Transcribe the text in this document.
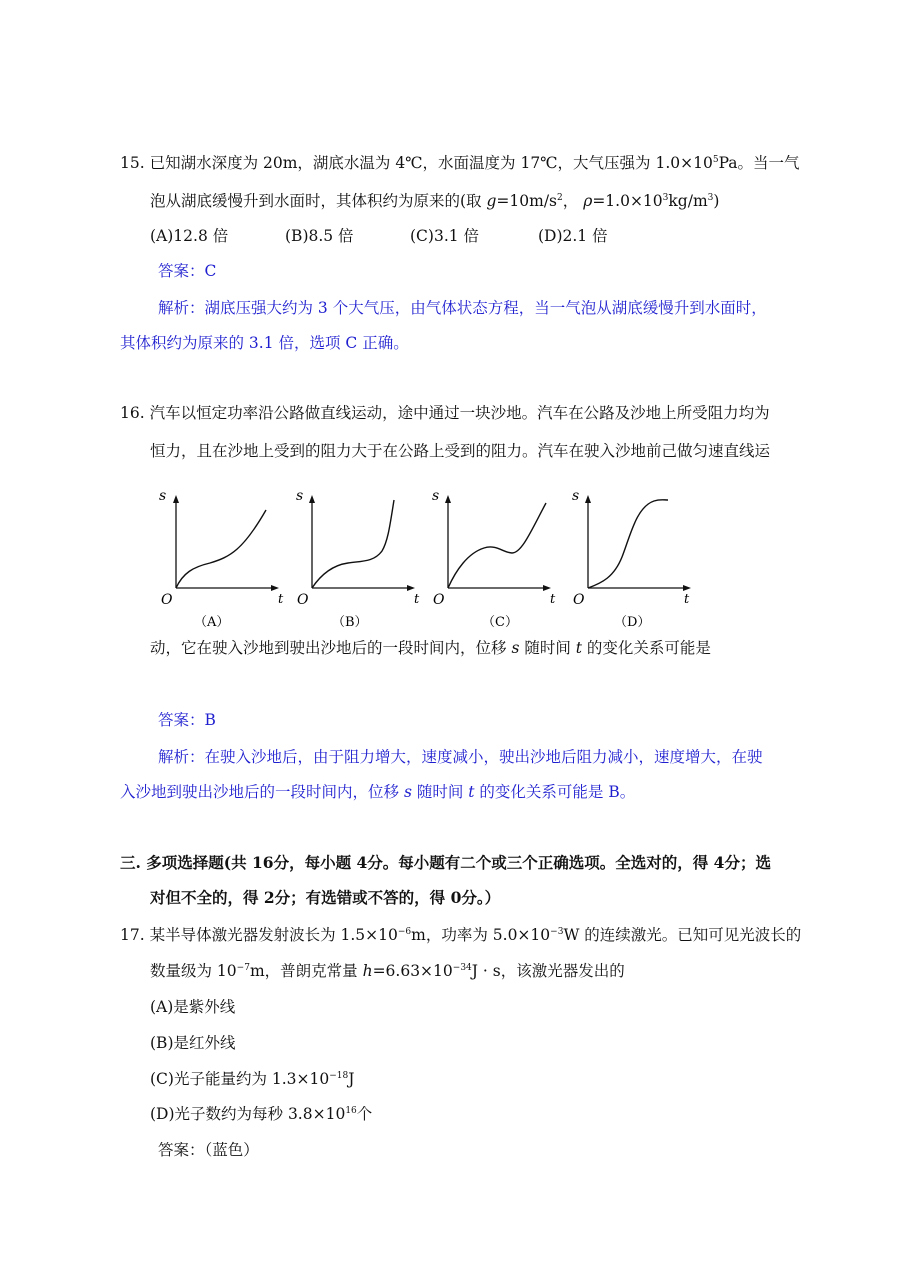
15. 已知湖水深度为 20m，湖底水温为 4℃，水面温度为 17℃，大气压强为 $1.0\times 10^5Pa$。当一气
泡从湖底缓慢升到水面时，其体积约为原来的(取 $g=10m/s^2$， $\rho=1.0\times 10^3kg/m^3$)
(A)12.8 倍	(B)8.5 倍	(C)3.1 倍	(D)2.1 倍
答案：C
解析：湖底压强大约为 3 个大气压，由气体状态方程，当一气泡从湖底缓慢升到水面时，
其体积约为原来的 3.1 倍，选项 C 正确。
16. 汽车以恒定功率沿公路做直线运动，途中通过一块沙地。汽车在公路及沙地上所受阻力均为
恒力，且在沙地上受到的阻力大于在公路上受到的阻力。汽车在驶入沙地前己做匀速直线运
s
O	t
（A）
s
O	t
（B）
s
O	t
（C）
s
O	t
（D）
动，它在驶入沙地到驶出沙地后的一段时间内，位移 s 随时间 t 的变化关系可能是
答案：B
解析：在驶入沙地后，由于阻力增大，速度减小，驶出沙地后阻力减小，速度增大，在驶
入沙地到驶出沙地后的一段时间内，位移 s 随时间 t 的变化关系可能是 B。
三. 多项选择题(共 16分，每小题 4分。每小题有二个或三个正确选项。全选对的，得 4分；选
对但不全的，得 2分；有选错或不答的，得 0分。）
17. 某半导体激光器发射波长为 $1.5\times 10^{-6}m$，功率为 $5.0\times 10^{-3}W$ 的连续激光。已知可见光波长的
数量级为 $10^{-7}m$，普朗克常量 $h=6.63\times 10^{-34}J \cdot s$，该激光器发出的
(A)是紫外线
(B)是红外线
(C)光子能量约为 $1.3\times 10^{-18}J$
(D)光子数约为每秒 $3.8\times 10^{16}$个
答案：（蓝色）
